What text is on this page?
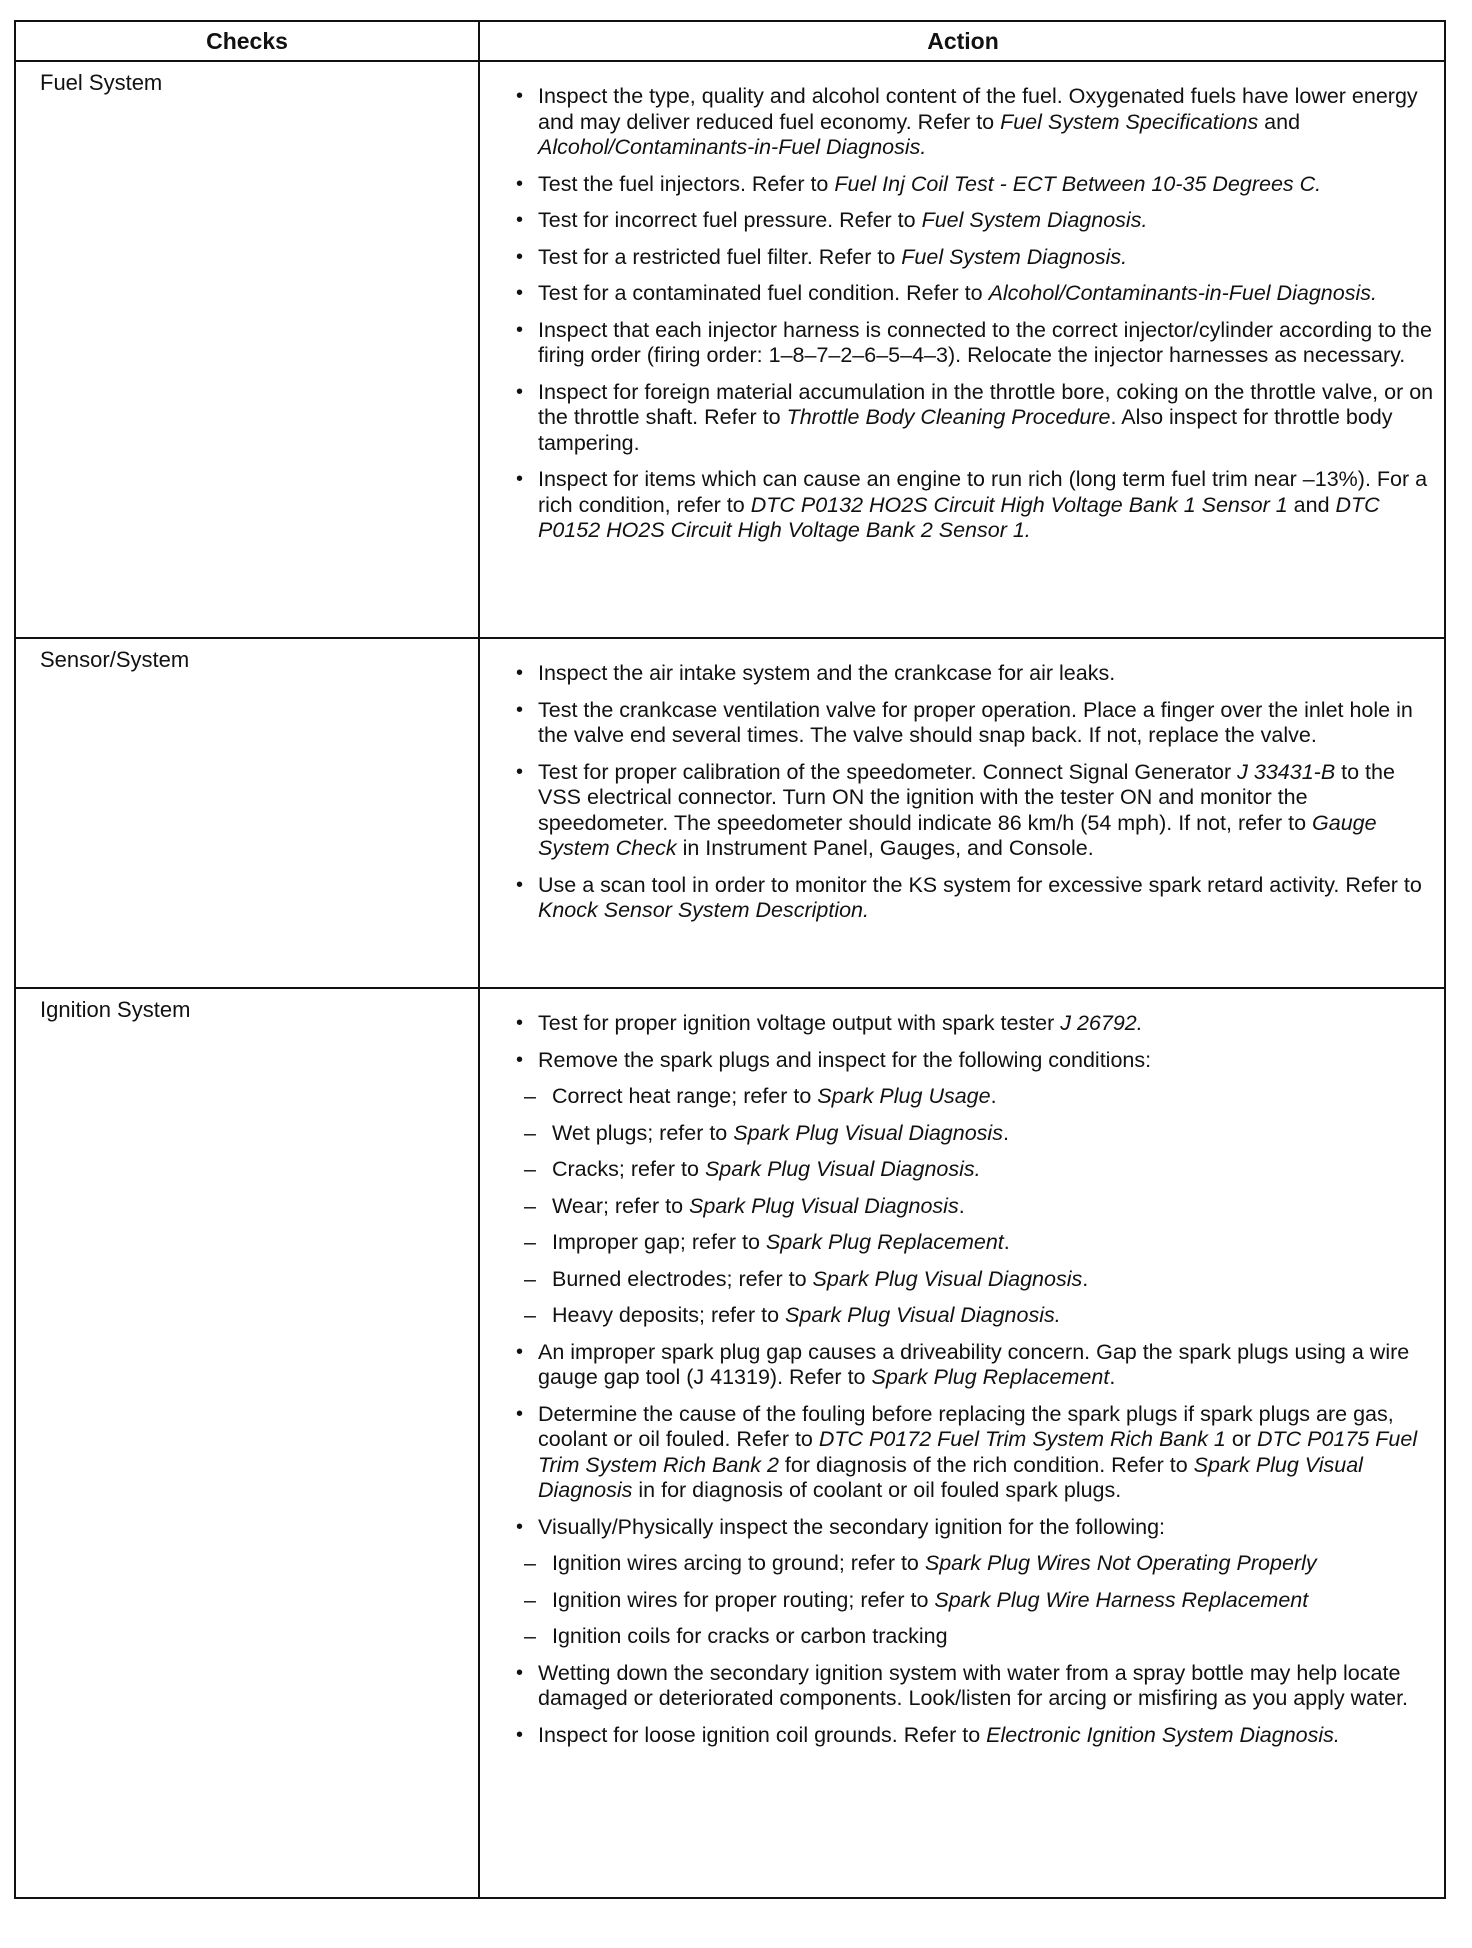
Checks	Action
Fuel System
Sensor/System
Ignition System
• Inspect the type, quality and alcohol content of the fuel. Oxygenated fuels have lower energy and may deliver reduced fuel economy. Refer to Fuel System Specifications and Alcohol/Contaminants-in-Fuel Diagnosis.
• Test the fuel injectors. Refer to Fuel Inj Coil Test - ECT Between 10-35 Degrees C.
• Test for incorrect fuel pressure. Refer to Fuel System Diagnosis.
• Test for a restricted fuel filter. Refer to Fuel System Diagnosis.
• Test for a contaminated fuel condition. Refer to Alcohol/Contaminants-in-Fuel Diagnosis.
• Inspect that each injector harness is connected to the correct injector/cylinder according to the firing order (firing order: 1–8–7–2–6–5–4–3). Relocate the injector harnesses as necessary.
• Inspect for foreign material accumulation in the throttle bore, coking on the throttle valve, or on the throttle shaft. Refer to Throttle Body Cleaning Procedure. Also inspect for throttle body tampering.
• Inspect for items which can cause an engine to run rich (long term fuel trim near –13%). For a rich condition, refer to DTC P0132 HO2S Circuit High Voltage Bank 1 Sensor 1 and DTC P0152 HO2S Circuit High Voltage Bank 2 Sensor 1.
• Inspect the air intake system and the crankcase for air leaks.
• Test the crankcase ventilation valve for proper operation. Place a finger over the inlet hole in the valve end several times. The valve should snap back. If not, replace the valve.
• Test for proper calibration of the speedometer. Connect Signal Generator J 33431-B to the VSS electrical connector. Turn ON the ignition with the tester ON and monitor the speedometer. The speedometer should indicate 86 km/h (54 mph). If not, refer to Gauge System Check in Instrument Panel, Gauges, and Console.
• Use a scan tool in order to monitor the KS system for excessive spark retard activity. Refer to Knock Sensor System Description.
• Test for proper ignition voltage output with spark tester J 26792.
• Remove the spark plugs and inspect for the following conditions:
– Correct heat range; refer to Spark Plug Usage.
– Wet plugs; refer to Spark Plug Visual Diagnosis.
– Cracks; refer to Spark Plug Visual Diagnosis.
– Wear; refer to Spark Plug Visual Diagnosis.
– Improper gap; refer to Spark Plug Replacement.
– Burned electrodes; refer to Spark Plug Visual Diagnosis.
– Heavy deposits; refer to Spark Plug Visual Diagnosis.
• An improper spark plug gap causes a driveability concern. Gap the spark plugs using a wire gauge gap tool (J 41319). Refer to Spark Plug Replacement.
• Determine the cause of the fouling before replacing the spark plugs if spark plugs are gas, coolant or oil fouled. Refer to DTC P0172 Fuel Trim System Rich Bank 1 or DTC P0175 Fuel Trim System Rich Bank 2 for diagnosis of the rich condition. Refer to Spark Plug Visual Diagnosis in for diagnosis of coolant or oil fouled spark plugs.
• Visually/Physically inspect the secondary ignition for the following:
– Ignition wires arcing to ground; refer to Spark Plug Wires Not Operating Properly
– Ignition wires for proper routing; refer to Spark Plug Wire Harness Replacement
– Ignition coils for cracks or carbon tracking
• Wetting down the secondary ignition system with water from a spray bottle may help locate damaged or deteriorated components. Look/listen for arcing or misfiring as you apply water.
• Inspect for loose ignition coil grounds. Refer to Electronic Ignition System Diagnosis.
